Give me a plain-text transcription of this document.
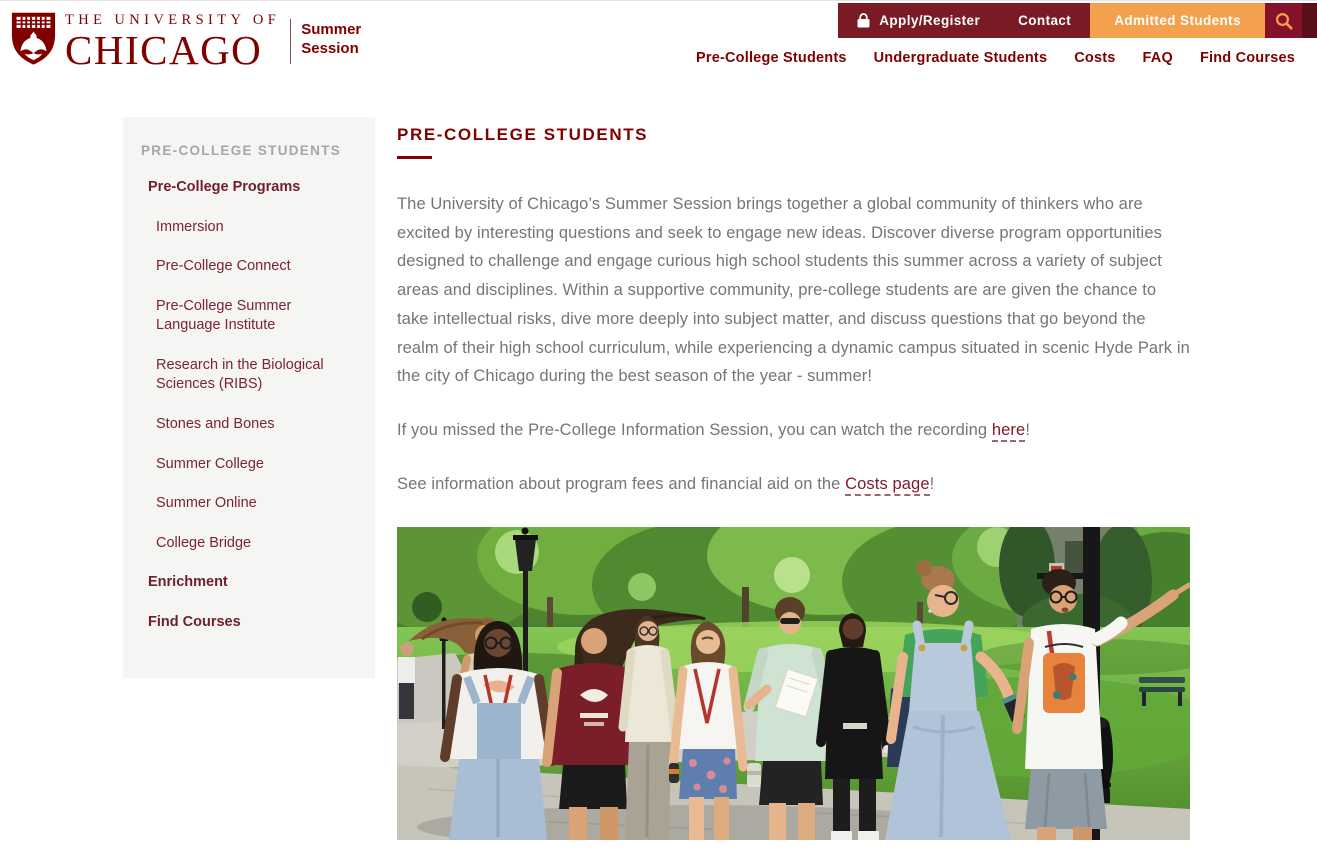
THE UNIVERSITY OF
CHICAGO	Summer
Session
Apply/Register	Contact	Admitted Students
Pre-College Students Undergraduate Students Costs FAQ Find Courses
PRE-COLLEGE STUDENTS
Pre-College Programs
Immersion
Pre-College Connect
Pre-College Summer Language Institute
Research in the Biological Sciences (RIBS)
Stones and Bones
Summer College
Summer Online
College Bridge
Enrichment
Find Courses
PRE-COLLEGE STUDENTS

The University of Chicago’s Summer Session brings together a global community of thinkers who are excited by interesting questions and seek to engage new ideas. Discover diverse program opportunities designed to challenge and engage curious high school students this summer across a variety of subject areas and disciplines. Within a supportive community, pre-college students are are given the chance to take intellectual risks, dive more deeply into subject matter, and discuss questions that go beyond the realm of their high school curriculum, while experiencing a dynamic campus situated in scenic Hyde Park in the city of Chicago during the best season of the year - summer!

If you missed the Pre-College Information Session, you can watch the recording here!

See information about program fees and financial aid on the Costs page!
